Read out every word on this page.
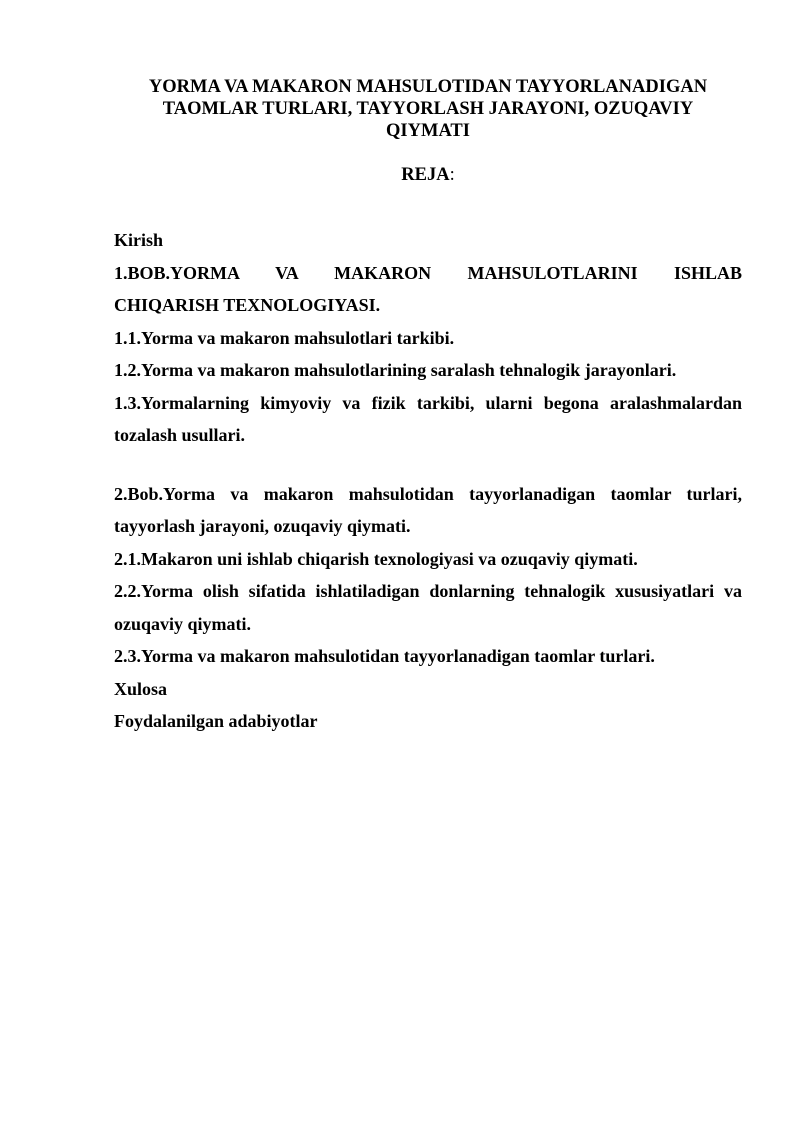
YORMA VA MAKARON MAHSULOTIDAN TAYYORLANADIGAN TAOMLAR TURLARI, TAYYORLASH JARAYONI, OZUQAVIY QIYMATI
REJA:

Kirish

1.BOB.YORMA VA MAKARON MAHSULOTLARINI ISHLAB

CHIQARISH TEXNOLOGIYASI.

1.1.Yorma va makaron mahsulotlari tarkibi.

1.2.Yorma va makaron mahsulotlarining saralash tehnalogik jarayonlari.

1.3.Yormalarning kimyoviy va fizik tarkibi, ularni begona aralashmalardan tozalash usullari.

2.Bob.Yorma va makaron mahsulotidan tayyorlanadigan taomlar turlari, tayyorlash jarayoni, ozuqaviy qiymati.

2.1.Makaron uni ishlab chiqarish texnologiyasi va ozuqaviy qiymati.

2.2.Yorma olish sifatida ishlatiladigan donlarning tehnalogik xususiyatlari va ozuqaviy qiymati.

2.3.Yorma va makaron mahsulotidan tayyorlanadigan taomlar turlari.

Xulosa

Foydalanilgan adabiyotlar
